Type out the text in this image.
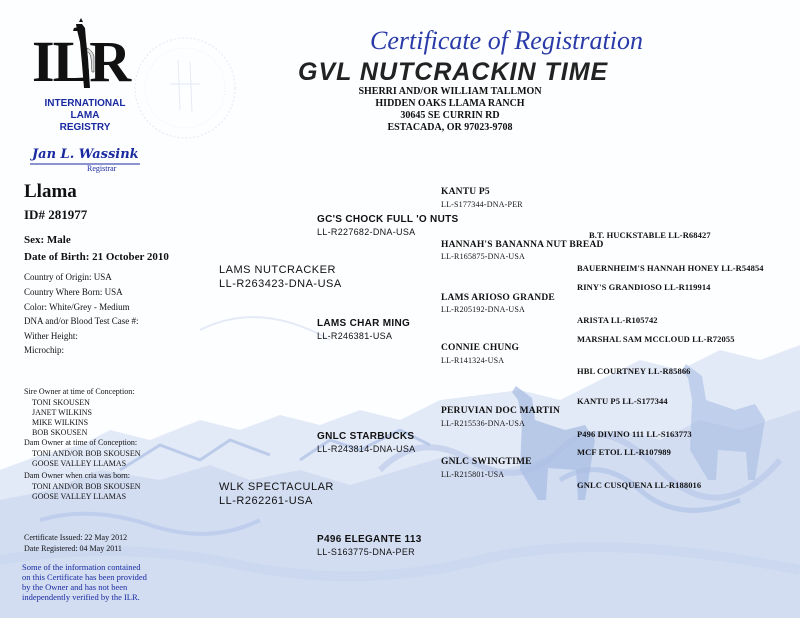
ILR
INTERNATIONAL
LAMA
REGISTRY
Jan L. Wassink
Registrar
Certificate of Registration
GVL NUTCRACKIN TIME
SHERRI AND/OR WILLIAM TALLMON
HIDDEN OAKS LLAMA RANCH
30645 SE CURRIN RD
ESTACADA, OR 97023-9708
Llama
ID# 281977
Sex: Male
Date of Birth: 21 October 2010
Country of Origin: USA
Country Where Born: USA
Color: White/Grey - Medium
DNA and/or Blood Test Case #:
Wither Height:
Microchip:
Sire Owner at time of Conception:
TONI SKOUSEN
JANET WILKINS
MIKE WILKINS
BOB SKOUSEN
Dam Owner at time of Conception:
TONI AND/OR BOB SKOUSEN
GOOSE VALLEY LLAMAS
Dam Owner when cria was born:
TONI AND/OR BOB SKOUSEN
GOOSE VALLEY LLAMAS
Certificate Issued: 22 May 2012
Date Registered: 04 May 2011
Some of the information contained on this Certificate has been provided by the Owner and has not been independently verified by the ILR.
LAMS NUTCRACKER
LL-R263423-DNA-USA
WLK SPECTACULAR
LL-R262261-USA
GC'S CHOCK FULL 'O NUTS
LL-R227682-DNA-USA
LAMS CHAR MING
LL-R246381-USA
GNLC STARBUCKS
LL-R243814-DNA-USA
P496 ELEGANTE 113
LL-S163775-DNA-PER
KANTU P5
LL-S177344-DNA-PER
HANNAH'S BANANNA NUT BREAD
LL-R165875-DNA-USA
LAMS ARIOSO GRANDE
LL-R205192-DNA-USA
CONNIE CHUNG
LL-R141324-USA
PERUVIAN DOC MARTIN
LL-R215536-DNA-USA
GNLC SWINGTIME
LL-R215801-USA
B.T. HUCKSTABLE LL-R68427
BAUERNHEIM'S HANNAH HONEY LL-R54854
RINY'S GRANDIOSO LL-R119914
ARISTA LL-R105742
MARSHAL SAM MCCLOUD LL-R72055
HBL COURTNEY LL-R85866
KANTU P5 LL-S177344
P496 DIVINO 111 LL-S163773
MCF ETOL LL-R107989
GNLC CUSQUENA LL-R188016
